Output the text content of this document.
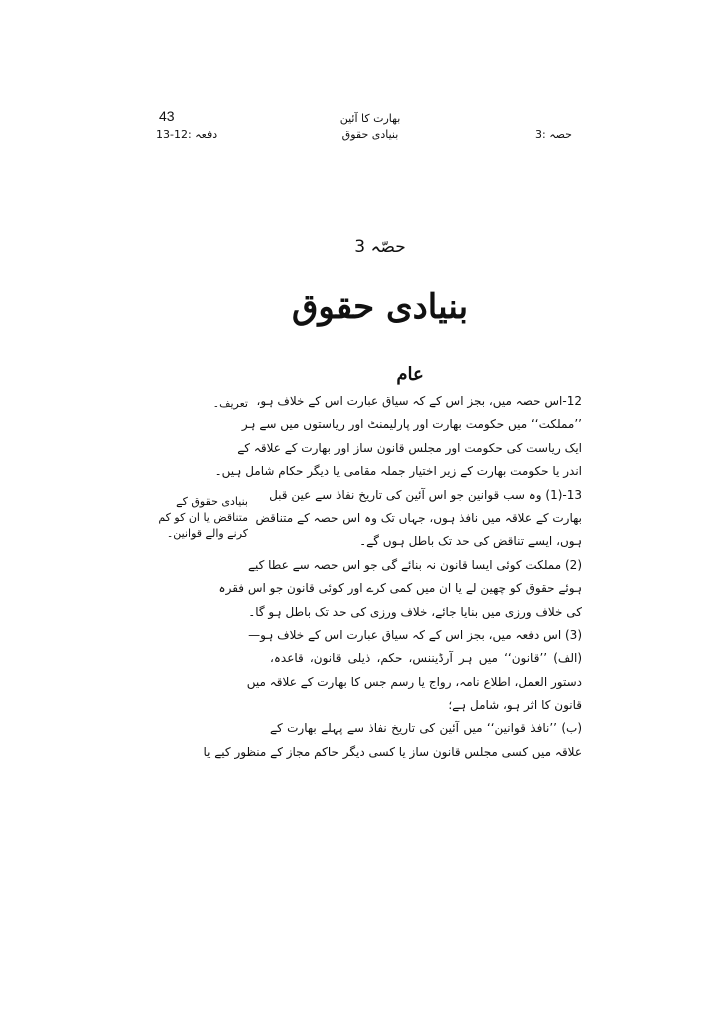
43
دفعہ :12-13
بھارت کا آئین
بنیادی حقوق	حصہ :3
حصّہ 3
بنیادی حقوق
عام
تعریف۔
بنیادی حقوق کے متناقض یا ان کو کم کرنے والے قوانین۔
12-اس حصہ میں، بجز اس کے کہ سیاق عبارت اس کے خلاف ہو،
’’مملکت‘‘ میں حکومت بھارت اور پارلیمنٹ اور ریاستوں میں سے ہر
ایک ریاست کی حکومت اور مجلس قانون ساز اور بھارت کے علاقہ کے
اندر یا حکومت بھارت کے زیر اختیار جملہ مقامی یا دیگر حکام شامل ہیں۔
13-(1) وہ سب قوانین جو اس آئین کی تاریخ نفاذ سے عین قبل
بھارت کے علاقہ میں نافذ ہوں، جہاں تک وہ اس حصہ کے متناقض
ہوں، ایسے تناقض کی حد تک باطل ہوں گے۔
(2) مملکت کوئی ایسا قانون نہ بنائے گی جو اس حصہ سے عطا کیے
ہوئے حقوق کو چھین لے یا ان میں کمی کرے اور کوئی قانون جو اس فقرہ
کی خلاف ورزی میں بنایا جائے، خلاف ورزی کی حد تک باطل ہو گا۔
(3) اس دفعہ میں، بجز اس کے کہ سیاق عبارت اس کے خلاف ہو—
(الف) ’’قانون‘‘ میں ہر آرڈیننس، حکم، ذیلی قانون، قاعدہ،
دستور العمل، اطلاع نامہ، رواج یا رسم جس کا بھارت کے علاقہ میں
قانون کا اثر ہو، شامل ہے؛
(ب) ’’نافذ قوانین‘‘ میں آئین کی تاریخ نفاذ سے پہلے بھارت کے
علاقہ میں کسی مجلس قانون ساز یا کسی دیگر حاکم مجاز کے منظور کیے یا
